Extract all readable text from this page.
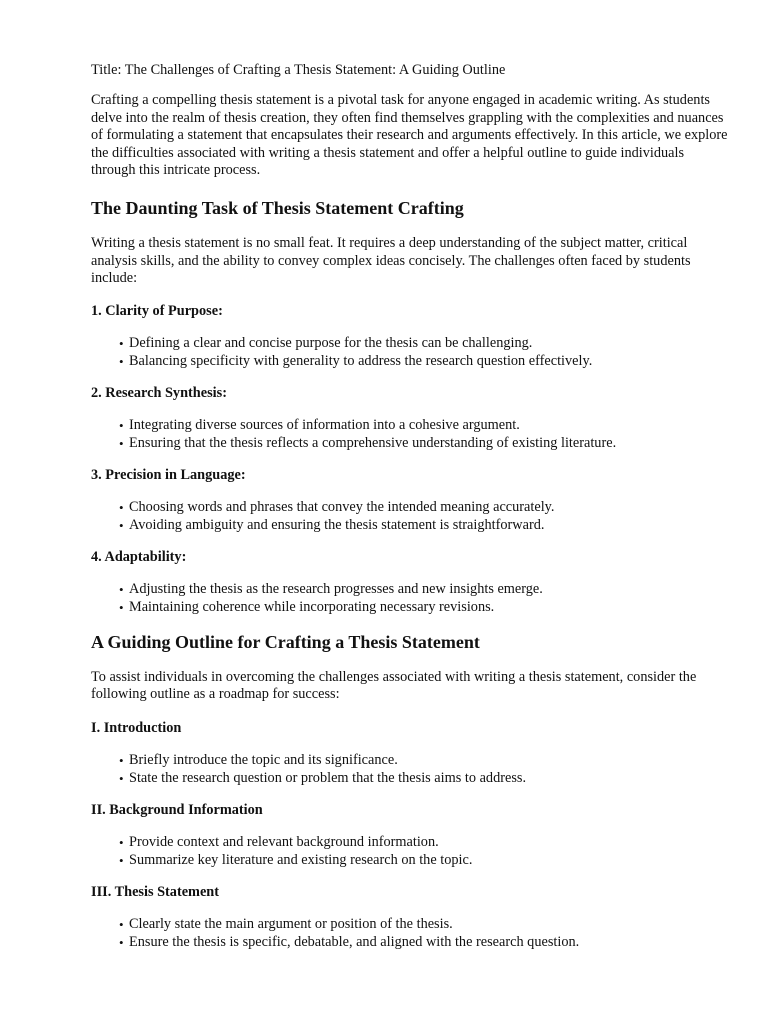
Title: The Challenges of Crafting a Thesis Statement: A Guiding Outline

Crafting a compelling thesis statement is a pivotal task for anyone engaged in academic writing. As students delve into the realm of thesis creation, they often find themselves grappling with the complexities and nuances of formulating a statement that encapsulates their research and arguments effectively. In this article, we explore the difficulties associated with writing a thesis statement and offer a helpful outline to guide individuals through this intricate process.

The Daunting Task of Thesis Statement Crafting

Writing a thesis statement is no small feat. It requires a deep understanding of the subject matter, critical analysis skills, and the ability to convey complex ideas concisely. The challenges often faced by students include:

1. Clarity of Purpose:
• Defining a clear and concise purpose for the thesis can be challenging.
• Balancing specificity with generality to address the research question effectively.
2. Research Synthesis:
• Integrating diverse sources of information into a cohesive argument.
• Ensuring that the thesis reflects a comprehensive understanding of existing literature.
3. Precision in Language:
• Choosing words and phrases that convey the intended meaning accurately.
• Avoiding ambiguity and ensuring the thesis statement is straightforward.
4. Adaptability:
• Adjusting the thesis as the research progresses and new insights emerge.
• Maintaining coherence while incorporating necessary revisions.
A Guiding Outline for Crafting a Thesis Statement

To assist individuals in overcoming the challenges associated with writing a thesis statement, consider the following outline as a roadmap for success:

I. Introduction
• Briefly introduce the topic and its significance.
• State the research question or problem that the thesis aims to address.
II. Background Information
• Provide context and relevant background information.
• Summarize key literature and existing research on the topic.
III. Thesis Statement
• Clearly state the main argument or position of the thesis.
• Ensure the thesis is specific, debatable, and aligned with the research question.
